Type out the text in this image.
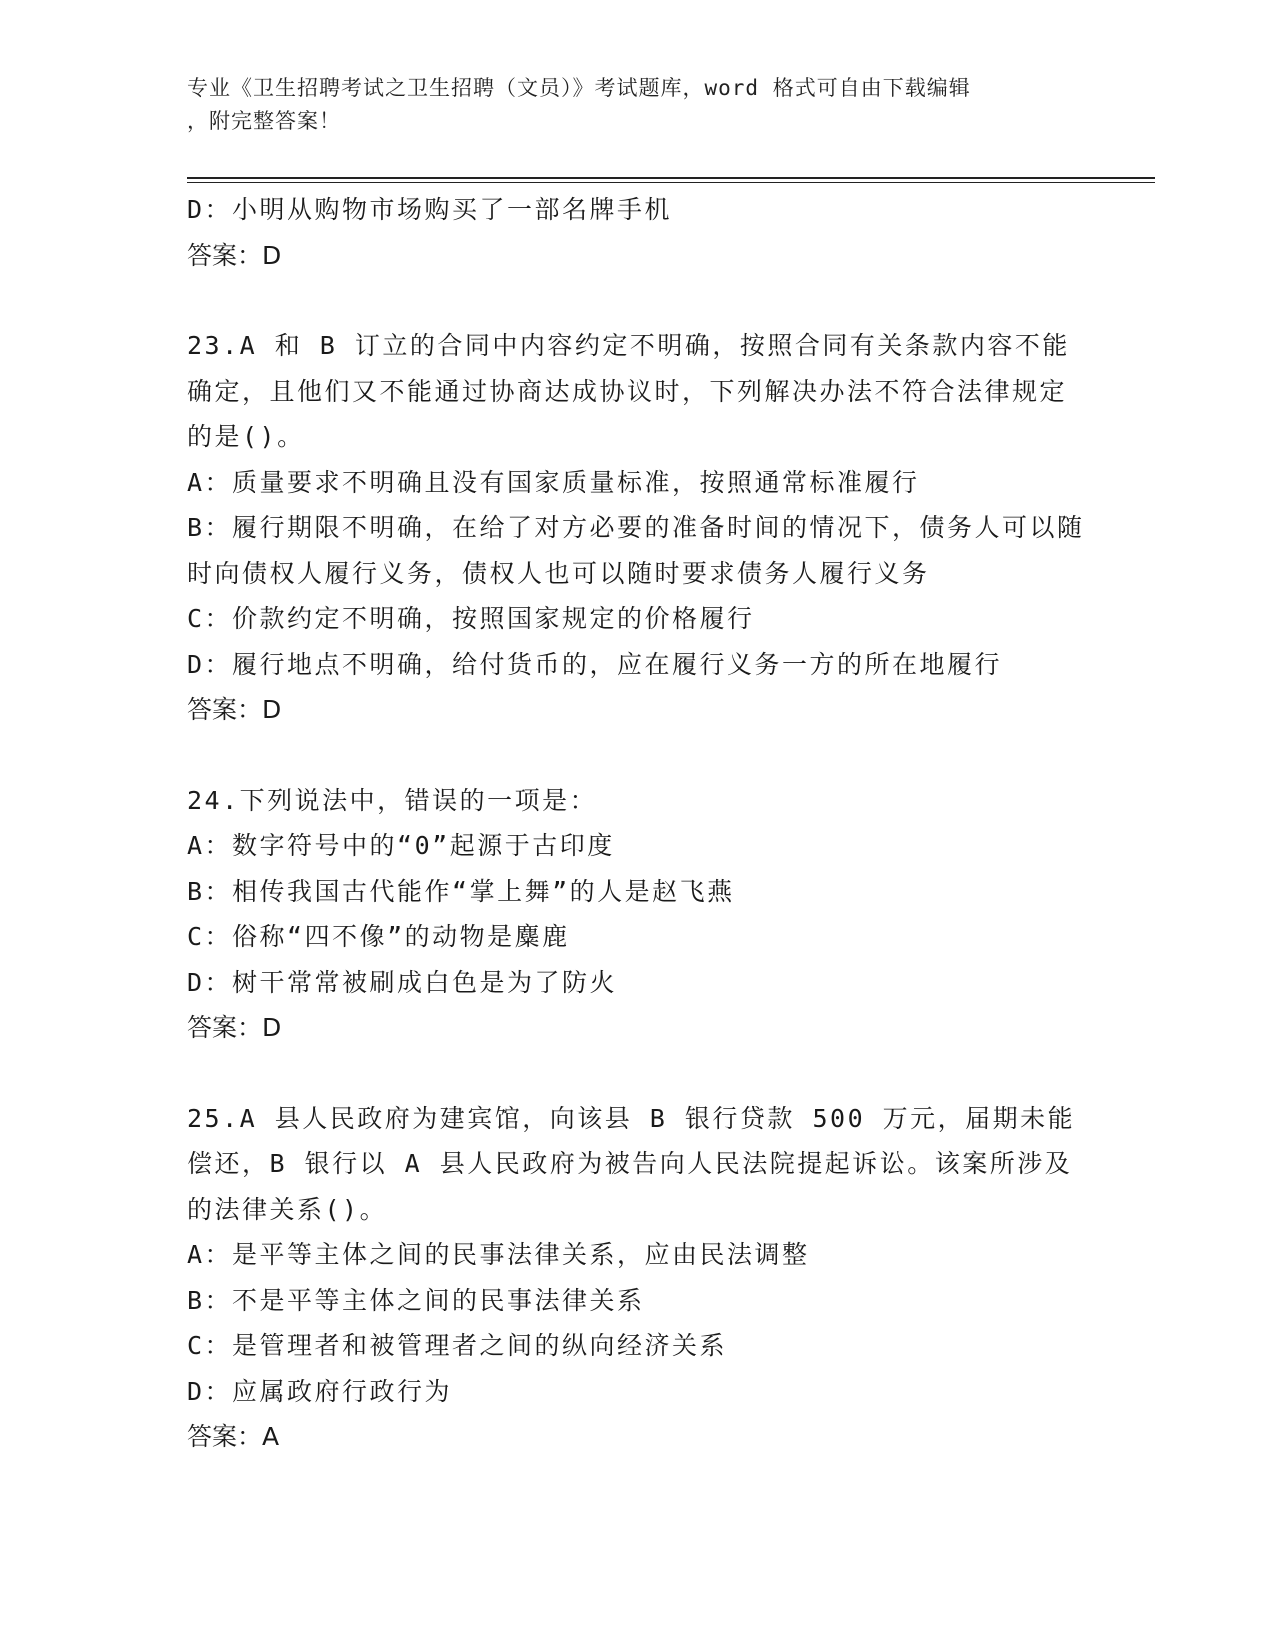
专业《卫生招聘考试之卫生招聘（文员）》考试题库，word 格式可自由下载编辑
，附完整答案！
D：小明从购物市场购买了一部名牌手机
答案：D
23.A 和 B 订立的合同中内容约定不明确，按照合同有关条款内容不能确定，且他们又不能通过协商达成协议时，下列解决办法不符合法律规定的是()。
A：质量要求不明确且没有国家质量标准，按照通常标准履行
B：履行期限不明确，在给了对方必要的准备时间的情况下，债务人可以随时向债权人履行义务，债权人也可以随时要求债务人履行义务
C：价款约定不明确，按照国家规定的价格履行
D：履行地点不明确，给付货币的，应在履行义务一方的所在地履行
答案：D
24.下列说法中，错误的一项是：
A：数字符号中的“0”起源于古印度
B：相传我国古代能作“掌上舞”的人是赵飞燕
C：俗称“四不像”的动物是麋鹿
D：树干常常被刷成白色是为了防火
答案：D
25.A 县人民政府为建宾馆，向该县 B 银行贷款 500 万元，届期未能偿还，B 银行以 A 县人民政府为被告向人民法院提起诉讼。该案所涉及的法律关系()。
A：是平等主体之间的民事法律关系，应由民法调整
B：不是平等主体之间的民事法律关系
C：是管理者和被管理者之间的纵向经济关系
D：应属政府行政行为
答案：A
